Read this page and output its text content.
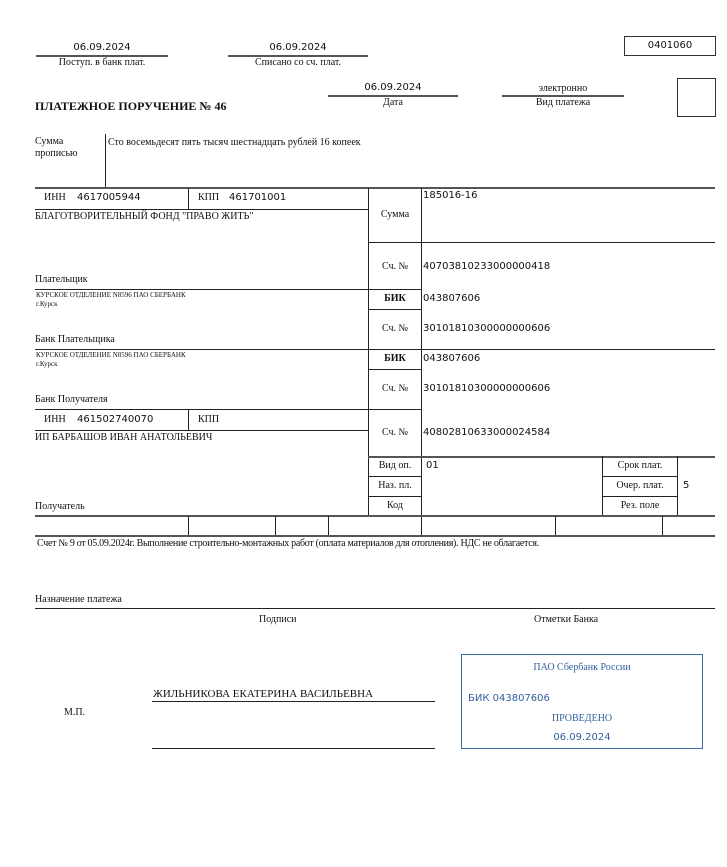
06.09.2024
Поступ. в банк плат.
06.09.2024
Списано со сч. плат.
0401060
06.09.2024
Дата
электронно
Вид платежа
ПЛАТЕЖНОЕ ПОРУЧЕНИЕ № 46
Сумма прописью
Сто восемьдесят пять тысяч шестнадцать рублей 16 копеек
ИНН 4617005944	КПП 461701001
БЛАГОТВОРИТЕЛЬНЫЙ ФОНД "ПРАВО ЖИТЬ"
Плательщик
Сумма
185016-16
Сч. №	40703810233000000418
КУРСКОЕ ОТДЕЛЕНИЕ N8596 ПАО СБЕРБАНК
г.Курск
Банк Плательщика
БИК	043807606
Сч. №	30101810300000000606
КУРСКОЕ ОТДЕЛЕНИЕ N8596 ПАО СБЕРБАНК
г.Курск
Банк Получателя
БИК	043807606
Сч. №	30101810300000000606
ИНН 461502740070	КПП
ИП БАРБАШОВ ИВАН АНАТОЛЬЕВИЧ
Получатель
Сч. №	40802810633000024584
Вид оп.	01
Наз. пл.
Код
Срок плат.
Очер. плат.	5
Рез. поле
Счет № 9 от 05.09.2024г. Выполнение строительно-монтажных работ (оплата материалов для отопления). НДС не облагается.
Назначение платежа
Подписи	Отметки Банка
М.П.
ЖИЛЬНИКОВА ЕКАТЕРИНА ВАСИЛЬЕВНА
ПАО Сбербанк России
БИК 043807606
ПРОВЕДЕНО
06.09.2024
